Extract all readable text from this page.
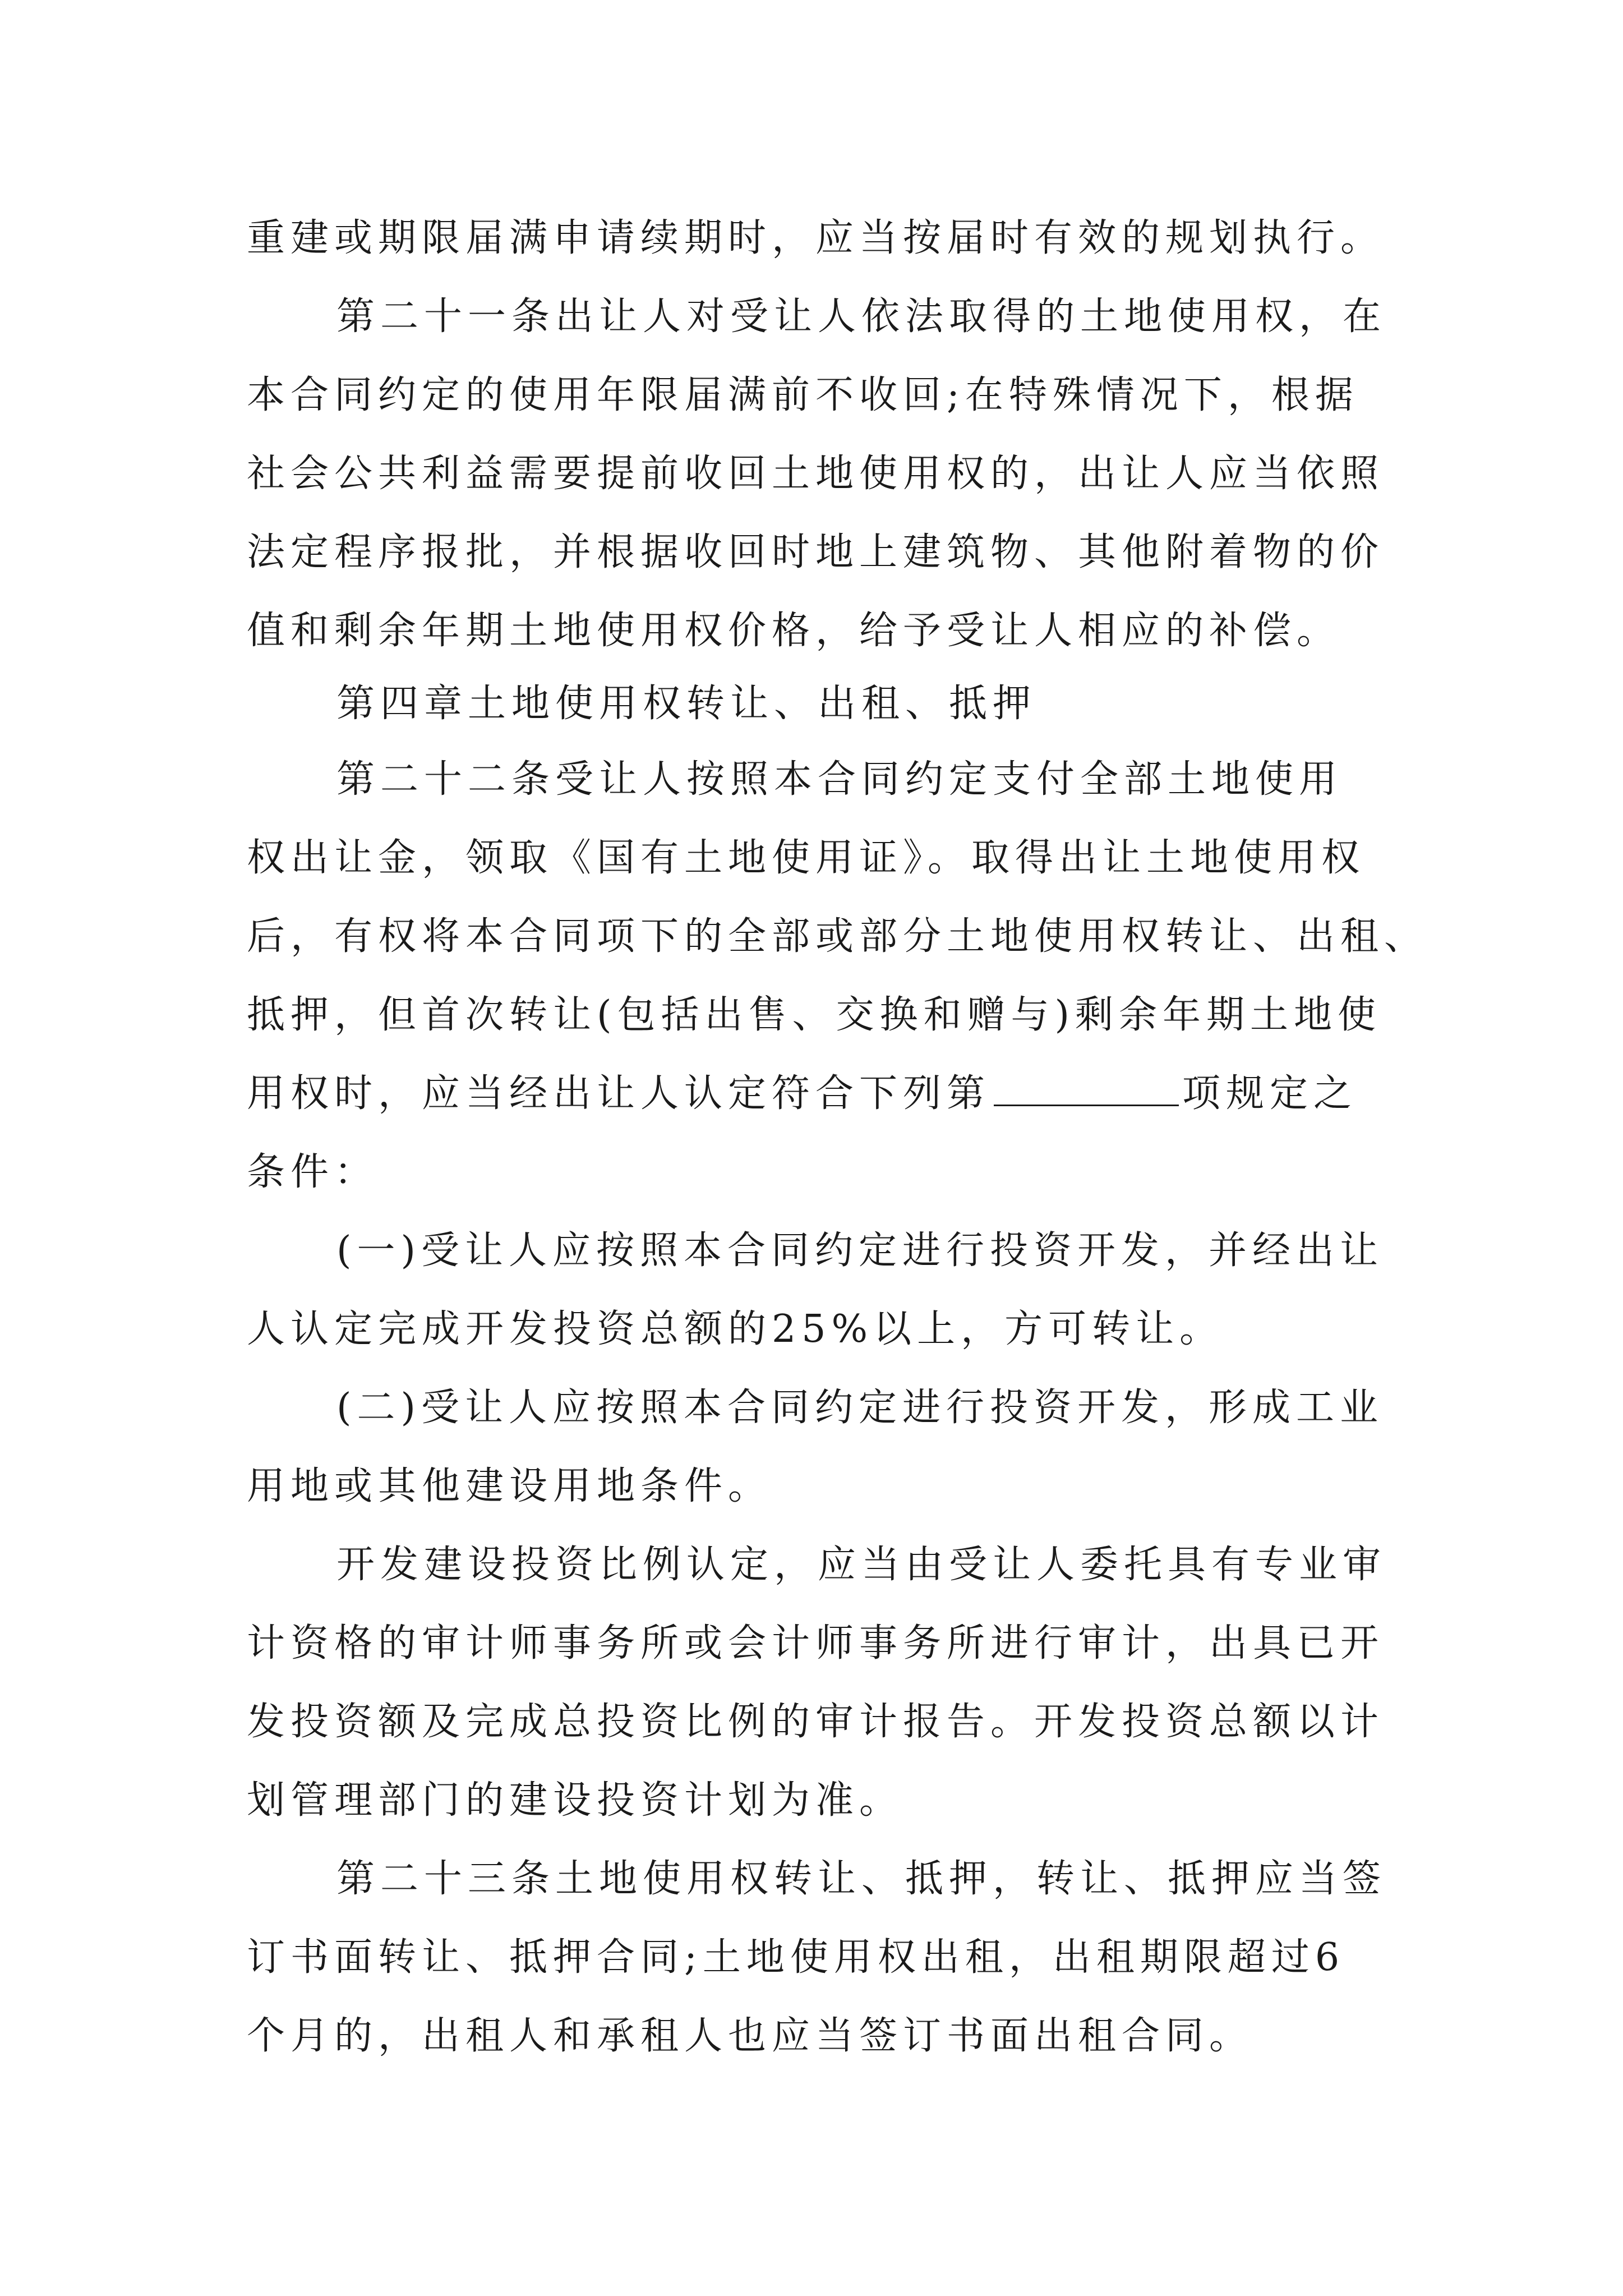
重建或期限届满申请续期时，应当按届时有效的规划执行。
第二十一条出让人对受让人依法取得的土地使用权，在
本合同约定的使用年限届满前不收回;在特殊情况下，根据
社会公共利益需要提前收回土地使用权的，出让人应当依照
法定程序报批，并根据收回时地上建筑物、其他附着物的价
值和剩余年期土地使用权价格，给予受让人相应的补偿。
第四章土地使用权转让、出租、抵押
第二十二条受让人按照本合同约定支付全部土地使用
权出让金，领取《国有土地使用证》。取得出让土地使用权
后，有权将本合同项下的全部或部分土地使用权转让、出租、
抵押，但首次转让(包括出售、交换和赠与)剩余年期土地使
用权时，应当经出让人认定符合下列第	项规定之
条件：
(一)受让人应按照本合同约定进行投资开发，并经出让
人认定完成开发投资总额的25%以上，方可转让。
(二)受让人应按照本合同约定进行投资开发，形成工业
用地或其他建设用地条件。
开发建设投资比例认定，应当由受让人委托具有专业审
计资格的审计师事务所或会计师事务所进行审计，出具已开
发投资额及完成总投资比例的审计报告。开发投资总额以计
划管理部门的建设投资计划为准。
第二十三条土地使用权转让、抵押，转让、抵押应当签
订书面转让、抵押合同;土地使用权出租，出租期限超过6
个月的，出租人和承租人也应当签订书面出租合同。
